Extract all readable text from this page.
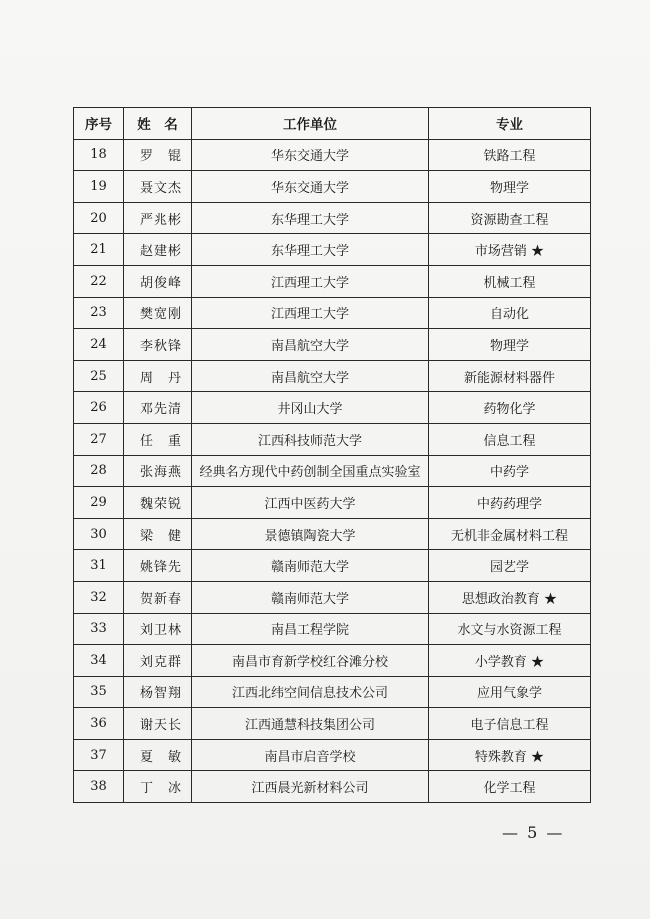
序号	姓　名	工作单位	专业
18	罗　锟	华东交通大学	铁路工程
19	聂文杰	华东交通大学	物理学
20	严兆彬	东华理工大学	资源勘查工程
21	赵建彬	东华理工大学	市场营销 ★
22	胡俊峰	江西理工大学	机械工程
23	樊宽刚	江西理工大学	自动化
24	李秋锋	南昌航空大学	物理学
25	周　丹	南昌航空大学	新能源材料器件
26	邓先清	井冈山大学	药物化学
27	任　重	江西科技师范大学	信息工程
28	张海燕	经典名方现代中药创制全国重点实验室	中药学
29	魏荣锐	江西中医药大学	中药药理学
30	梁　健	景德镇陶瓷大学	无机非金属材料工程
31	姚锋先	赣南师范大学	园艺学
32	贺新春	赣南师范大学	思想政治教育 ★
33	刘卫林	南昌工程学院	水文与水资源工程
34	刘克群	南昌市育新学校红谷滩分校	小学教育 ★
35	杨智翔	江西北纬空间信息技术公司	应用气象学
36	谢天长	江西通慧科技集团公司	电子信息工程
37	夏　敏	南昌市启音学校	特殊教育 ★
38	丁　冰	江西晨光新材料公司	化学工程
— 5 —
